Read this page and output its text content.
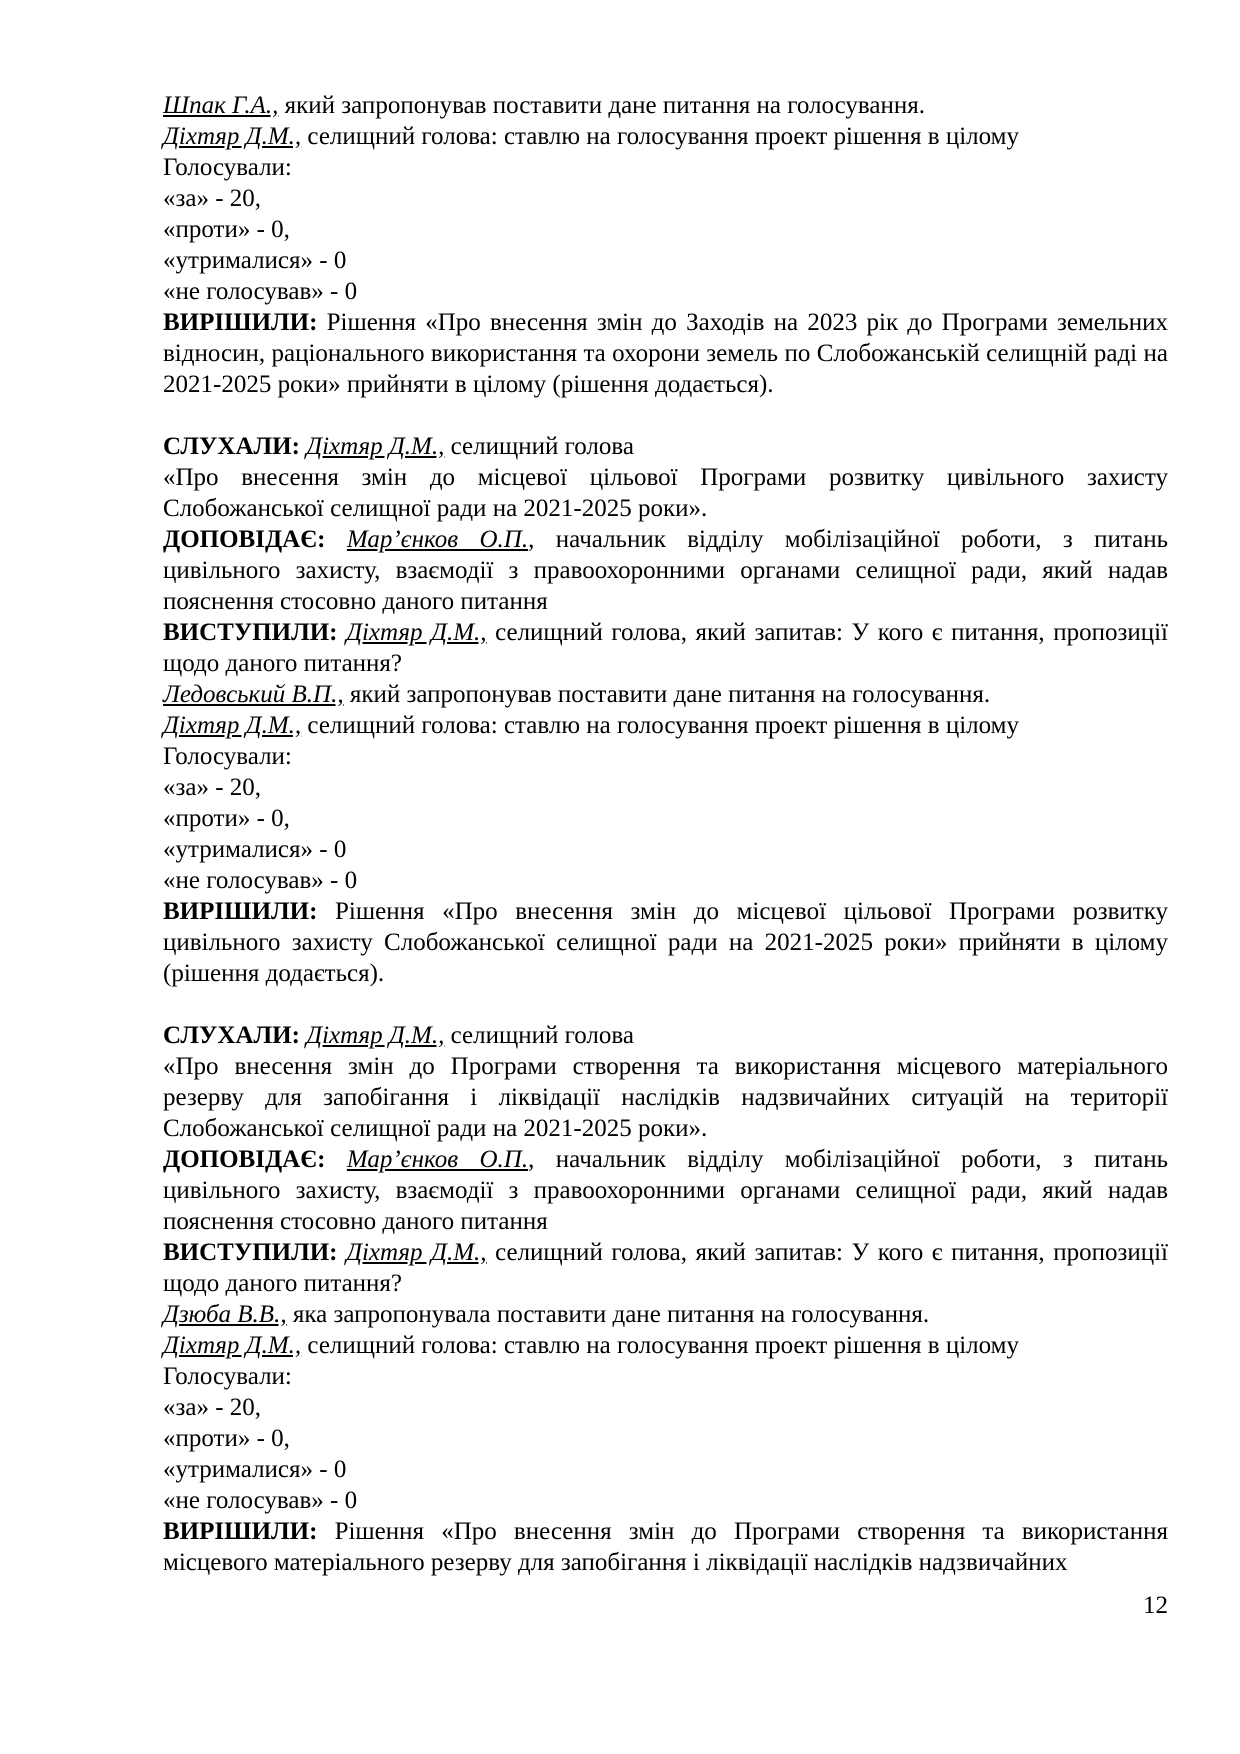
Шпак Г.А., який запропонував поставити дане питання на голосування.

Діхтяр Д.М., селищний голова: ставлю на голосування проект рішення в цілому

Голосували:

«за» - 20,

«проти» - 0,

«утрималися» - 0

«не голосував» - 0

ВИРІШИЛИ: Рішення «Про внесення змін до Заходів на 2023 рік до Програми земельних відносин, раціонального використання та охорони земель по Слобожанській селищній раді на 2021-2025 роки» прийняти в цілому (рішення додається).

СЛУХАЛИ: Діхтяр Д.М., селищний голова

«Про внесення змін до місцевої цільової Програми розвитку цивільного захисту Слобожанської селищної ради на 2021-2025 роки».

ДОПОВІДАЄ: Мар’єнков О.П., начальник відділу мобілізаційної роботи, з питань цивільного захисту, взаємодії з правоохоронними органами селищної ради, який надав пояснення стосовно даного питання

ВИСТУПИЛИ: Діхтяр Д.М., селищний голова, який запитав: У кого є питання, пропозиції щодо даного питання?

Ледовський В.П., який запропонував поставити дане питання на голосування.

Діхтяр Д.М., селищний голова: ставлю на голосування проект рішення в цілому

Голосували:

«за» - 20,

«проти» - 0,

«утрималися» - 0

«не голосував» - 0

ВИРІШИЛИ: Рішення «Про внесення змін до місцевої цільової Програми розвитку цивільного захисту Слобожанської селищної ради на 2021-2025 роки» прийняти в цілому (рішення додається).

СЛУХАЛИ: Діхтяр Д.М., селищний голова

«Про внесення змін до Програми створення та використання місцевого матеріального резерву для запобігання і ліквідації наслідків надзвичайних ситуацій на території Слобожанської селищної ради на 2021-2025 роки».

ДОПОВІДАЄ: Мар’єнков О.П., начальник відділу мобілізаційної роботи, з питань цивільного захисту, взаємодії з правоохоронними органами селищної ради, який надав пояснення стосовно даного питання

ВИСТУПИЛИ: Діхтяр Д.М., селищний голова, який запитав: У кого є питання, пропозиції щодо даного питання?

Дзюба В.В., яка запропонувала поставити дане питання на голосування.

Діхтяр Д.М., селищний голова: ставлю на голосування проект рішення в цілому

Голосували:

«за» - 20,

«проти» - 0,

«утрималися» - 0

«не голосував» - 0

ВИРІШИЛИ: Рішення «Про внесення змін до Програми створення та використання місцевого матеріального резерву для запобігання і ліквідації наслідків надзвичайних

12
